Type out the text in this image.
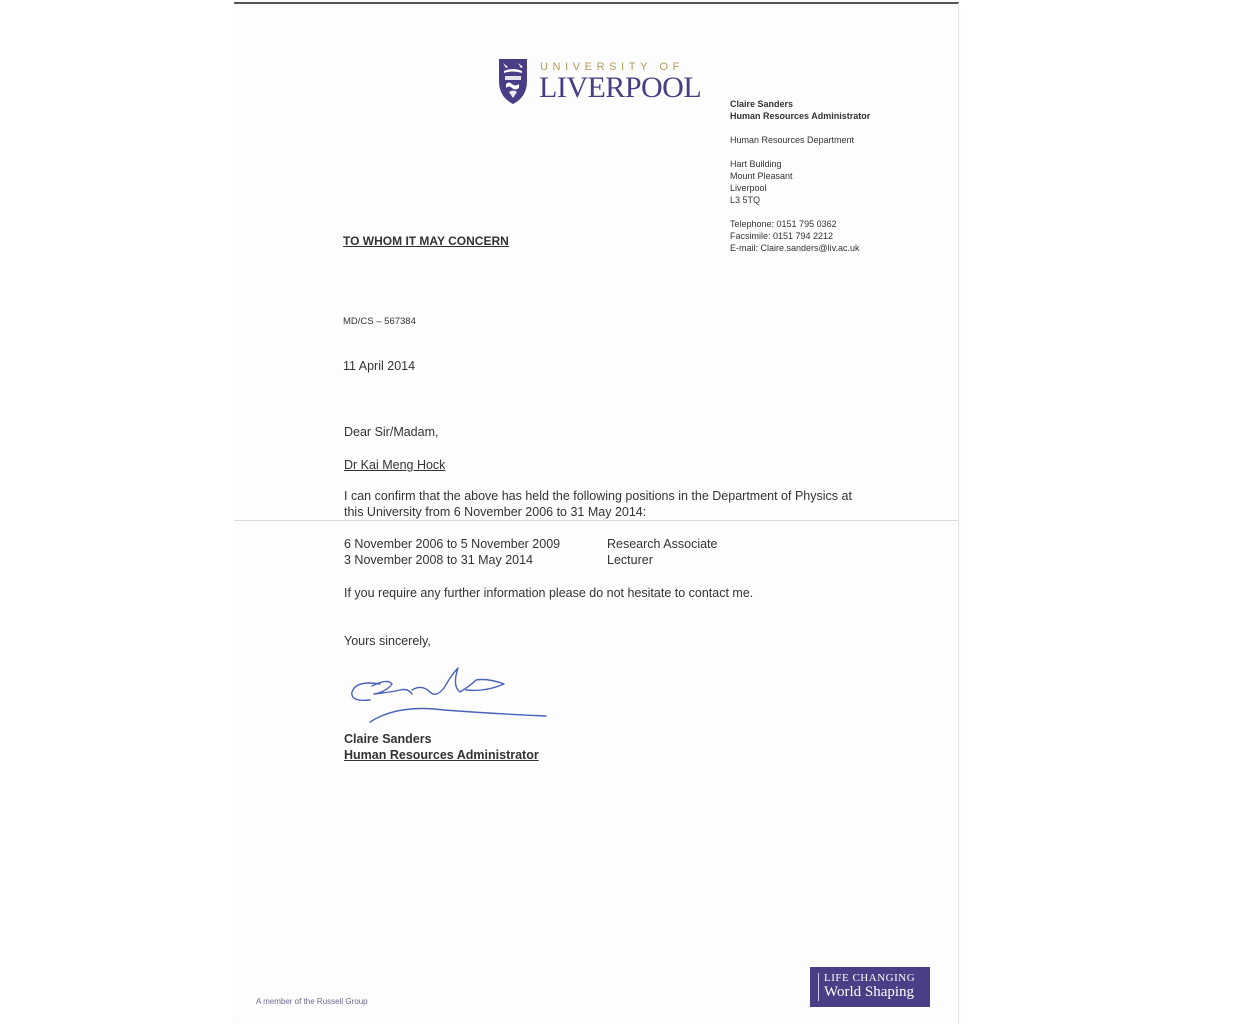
UNIVERSITY OF
LIVERPOOL	Claire Sanders
Human Resources Administrator
Human Resources Department
Hart Building
Mount Pleasant
Liverpool
L3 5TQ
Telephone: 0151 795 0362
Facsimile: 0151 794 2212
E-mail: Claire.sanders@liv.ac.uk
TO WHOM IT MAY CONCERN
MD/CS – 567384
11 April 2014
Dear Sir/Madam,
Dr Kai Meng Hock
I can confirm that the above has held the following positions in the Department of Physics at
this University from 6 November 2006 to 31 May 2014:
6 November 2006 to 5 November 2009	Research Associate
3 November 2008 to 31 May 2014	Lecturer
If you require any further information please do not hesitate to contact me.
Yours sincerely,
Claire Sanders
Human Resources Administrator
A member of the Russell Group
LIFE CHANGING
World Shaping
